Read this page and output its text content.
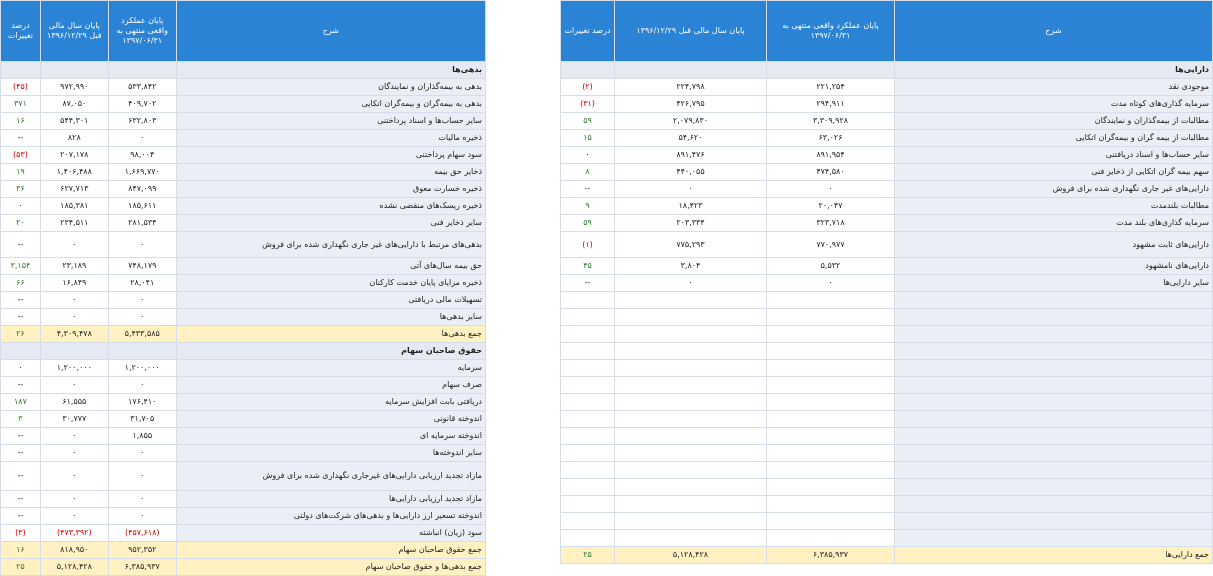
شرح	پایان عملکرد واقعی منتهی به ۱۳۹۷/۰۶/۳۱	پایان سال مالی قبل ۱۳۹۶/۱۲/۲۹	درصد تغییرات
دارایی‌ها			
موجودی نقد	۲۲۱,۲۵۴	۲۲۴,۷۹۸	(۲)
سرمایه گذاری‌های کوتاه مدت	۲۹۴,۹۱۱	۴۲۶,۷۹۵	(۳۱)
مطالبات از بیمه‌گذاران و نمایندگان	۳,۳۰۹,۹۲۸	۲,۰۷۹,۸۳۰	۵۹
مطالبات از بیمه گران و بیمه‌گران اتکایی	۶۳,۰۲۶	۵۴,۶۲۰	۱۵
سایر حساب‌ها و اسناد دریافتنی	۸۹۱,۹۵۴	۸۹۱,۴۷۶	۰
سهم بیمه گران اتکایی از ذخایر فنی	۴۷۴,۵۸۰	۴۴۰,۰۵۵	۸
دارایی‌های غیر جاری نگهداری شده برای فروش	۰	۰	--
مطالبات بلندمدت	۲۰,۰۴۷	۱۸,۴۲۳	۹
سرمایه گذاری‌های بلند مدت	۳۲۳,۷۱۸	۲۰۳,۳۳۴	۵۹
دارایی‌های ثابت مشهود	۷۷۰,۹۷۷	۷۷۵,۲۹۳	(۱)
دارایی‌های نامشهود	۵,۵۳۲	۳,۸۰۴	۴۵
سایر دارایی‌ها	۰	۰	--

جمع دارایی‌ها	۶,۳۸۵,۹۳۷	۵,۱۲۸,۴۲۸	۲۵
شرح	پایان عملکرد واقعی منتهی به ۱۳۹۷/۰۶/۳۱	پایان سال مالی قبل ۱۳۹۶/۱۲/۲۹	درصد تغییرات
بدهی‌ها			
بدهی به بیمه‌گذاران و نمایندگان	۵۳۳,۸۴۲	۹۷۲,۹۹۰	(۴۵)
بدهی به بیمه‌گران و بیمه‌گران اتکایی	۴۰۹,۷۰۲	۸۷,۰۵۰	۳۷۱
سایر حساب‌ها و اسناد پرداختنی	۶۳۲,۸۰۳	۵۴۴,۳۰۱	۱۶
ذخیره مالیات	۰	۸۲۸	--
سود سهام پرداختنی	۹۸,۰۰۴	۲۰۷,۱۷۸	(۵۳)
ذخایر حق بیمه	۱,۶۶۹,۷۷۰	۱,۴۰۶,۴۸۸	۱۹
ذخیره خسارت معوق	۸۴۷,۰۹۹	۶۲۷,۷۱۳	۳۶
ذخیره ریسک‌های منقضی نشده	۱۸۵,۶۱۱	۱۸۵,۳۸۱	۰
سایر ذخایر فنی	۲۸۱,۵۳۴	۲۳۴,۵۱۱	۲۰
بدهی‌های مرتبط با دارایی‌های غیر جاری نگهداری شده برای فروش	۰	۰	--
حق بیمه سال‌های آتی	۷۴۸,۱۷۹	۲۳,۱۸۹	۳,۱۵۴
ذخیره مزایای پایان خدمت کارکنان	۲۸,۰۴۱	۱۶,۸۴۹	۶۶
تسهیلات مالی دریافتی	۰	۰	--
سایر بدهی‌ها	۰	۰	--
جمع بدهی‌ها	۵,۴۳۳,۵۸۵	۴,۳۰۹,۴۷۸	۲۶
حقوق صاحبان سهام			
سرمایه	۱,۲۰۰,۰۰۰	۱,۲۰۰,۰۰۰	۰
صرف سهام	۰	۰	--
دریافتی بابت افزایش سرمایه	۱۷۶,۴۱۰	۶۱,۵۵۵	۱۸۷
اندوخته قانونی	۳۱,۷۰۵	۳۰,۷۷۷	۳
اندوخته سرمایه ای	۱,۸۵۵	۰	--
سایر اندوخته‌ها	۰	۰	--
مازاد تجدید ارزیابی دارایی‌های غیرجاری نگهداری شده برای فروش	۰	۰	--
مازاد تجدید ارزیابی دارایی‌ها	۰	۰	--
اندوخته تسعیر ارز دارایی‌ها و بدهی‌های شرکت‌های دولتی	۰	۰	--
سود (زیان) انباشته	(۴۵۷,۶۱۸)	(۴۷۳,۳۹۲)	(۳)
جمع حقوق صاحبان سهام	۹۵۲,۳۵۲	۸۱۸,۹۵۰	۱۶
جمع بدهی‌ها و حقوق صاحبان سهام	۶,۳۸۵,۹۳۷	۵,۱۲۸,۴۲۸	۲۵
